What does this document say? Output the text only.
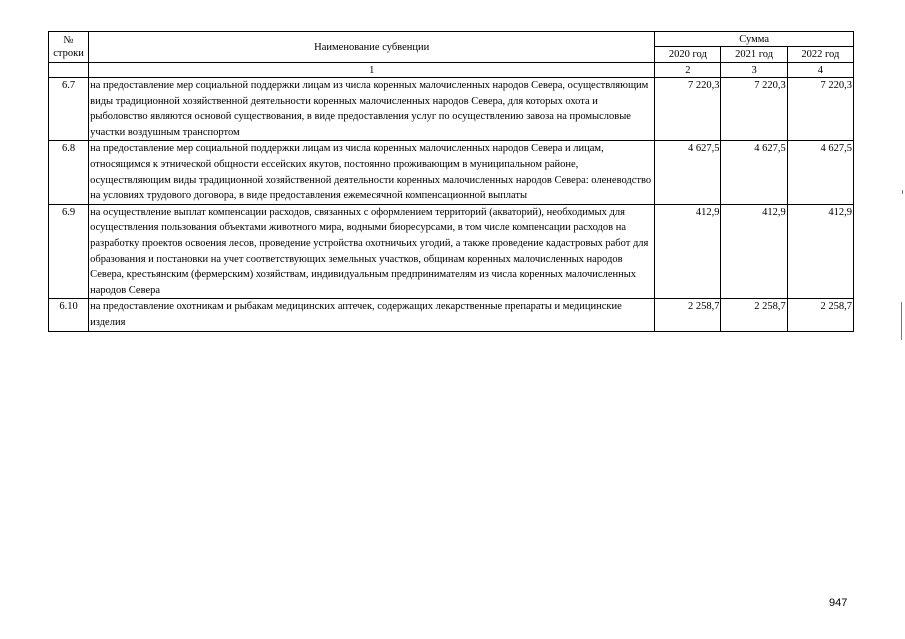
№
строки	Наименование субвенции	Сумма		
		2020 год	2021 год	2022 год
	1	2	3	4
6.7	на предоставление мер социальной поддержки лицам из числа коренных малочисленных народов Севера, осуществляющим виды традиционной хозяйственной деятельности коренных малочисленных народов Севера, для которых охота и рыболовство являются основой существования, в виде предоставления услуг по осуществлению завоза на промысловые участки воздушным транспортом	7 220,3	7 220,3	7 220,3
6.8	на предоставление мер социальной поддержки лицам из числа коренных малочисленных народов Севера и лицам, относящимся к этнической общности ессейских якутов, постоянно проживающим в муниципальном районе, осуществляющим виды традиционной хозяйственной деятельности коренных малочисленных народов Севера: оленеводство на условиях трудового договора, в виде предоставления ежемесячной компенсационной выплаты	4 627,5	4 627,5	4 627,5
6.9	на осуществление выплат компенсации расходов, связанных с оформлением территорий (акваторий), необходимых для осуществления пользования объектами животного мира, водными биоресурсами, в том числе компенсации расходов на разработку проектов освоения лесов, проведение устройства охотничьих угодий, а также проведение кадастровых работ для образования и постановки на учет соответствующих земельных участков, общинам коренных малочисленных народов Севера, крестьянским (фермерским) хозяйствам, индивидуальным предпринимателям из числа коренных малочисленных народов Севера	412,9	412,9	412,9
6.10	на предоставление охотникам и рыбакам медицинских аптечек, содержащих лекарственные препараты и медицинские изделия	2 258,7	2 258,7	2 258,7
947
